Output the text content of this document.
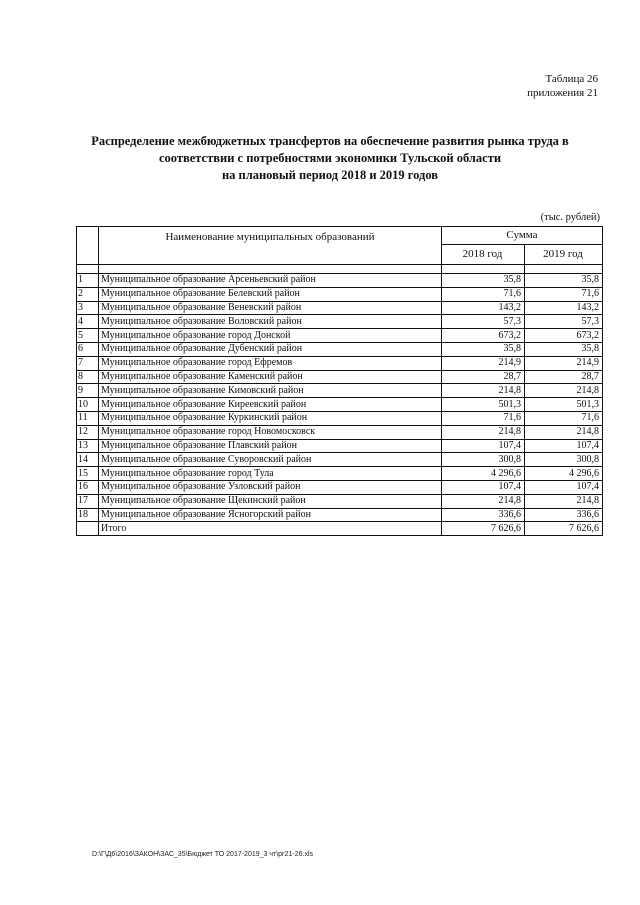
Таблица 26
приложения 21
Распределение межбюджетных трансфертов на обеспечение развития рынка труда в
соответствии с потребностями экономики Тульской области
на плановый период 2018 и 2019 годов
(тыс. рублей)
	Наименование муниципальных образований	Сумма	
		2018 год	2019 год

1	Муниципальное образование Арсеньевский район	35,8	35,8
2	Муниципальное образование Белевский район	71,6	71,6
3	Муниципальное образование Веневский район	143,2	143,2
4	Муниципальное образование Воловский район	57,3	57,3
5	Муниципальное образование город Донской	673,2	673,2
6	Муниципальное образование Дубенский район	35,8	35,8
7	Муниципальное образование город Ефремов	214,9	214,9
8	Муниципальное образование Каменский район	28,7	28,7
9	Муниципальное образование Кимовский район	214,8	214,8
10	Муниципальное образование Киреевский район	501,3	501,3
11	Муниципальное образование Куркинский район	71,6	71,6
12	Муниципальное образование город Новомосковск	214,8	214,8
13	Муниципальное образование Плавский район	107,4	107,4
14	Муниципальное образование Суворовский район	300,8	300,8
15	Муниципальное образование город Тула	4 296,6	4 296,6
16	Муниципальное образование Узловский район	107,4	107,4
17	Муниципальное образование Щекинский район	214,8	214,8
18	Муниципальное образование Ясногорский район	336,6	336,6
	Итого	7 626,6	7 626,6
D:\Г\Д6\2016\ЗАКОН\ЗАС_35\Бюджет ТО 2017-2019_3 чт\рг21-26.xls
